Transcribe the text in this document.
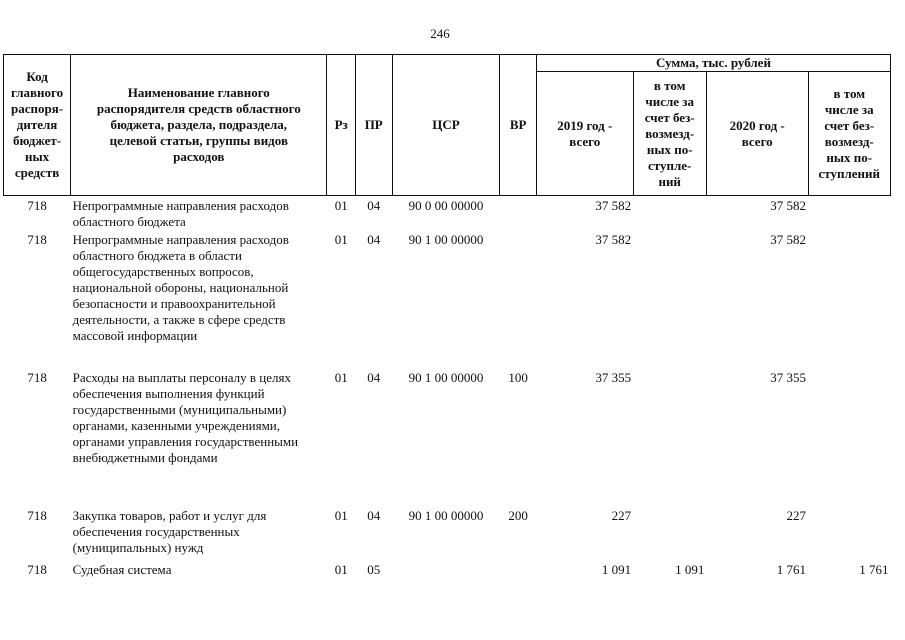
246
Код главного распоря-дителя бюджет-ных средств	Наименование главного распорядителя средств областного бюджета, раздела, подраздела, целевой статьи, группы видов расходов	Рз	ПР	ЦСР	ВР	Сумма, тыс. рублей			
						2019 год - всего	в том числе за счет без-возмезд-ных по-ступле-ний	2020 год - всего	в том числе за счет без-возмезд-ных по-ступлений
718	Непрограммные направления расходов областного бюджета	01	04	90 0 00 00000		37 582		37 582	
718	Непрограммные направления расходов областного бюджета в области общегосударственных вопросов, национальной обороны, национальной безопасности и правоохранительной деятельности, а также в сфере средств массовой информации	01	04	90 1 00 00000		37 582		37 582	
718	Расходы на выплаты персоналу в целях обеспечения выполнения функций государственными (муниципальными) органами, казенными учреждениями, органами управления государственными внебюджетными фондами	01	04	90 1 00 00000	100	37 355		37 355	
718	Закупка товаров, работ и услуг для обеспечения государственных (муниципальных) нужд	01	04	90 1 00 00000	200	227		227	
718	Судебная система	01	05			1 091	1 091	1 761	1 761
